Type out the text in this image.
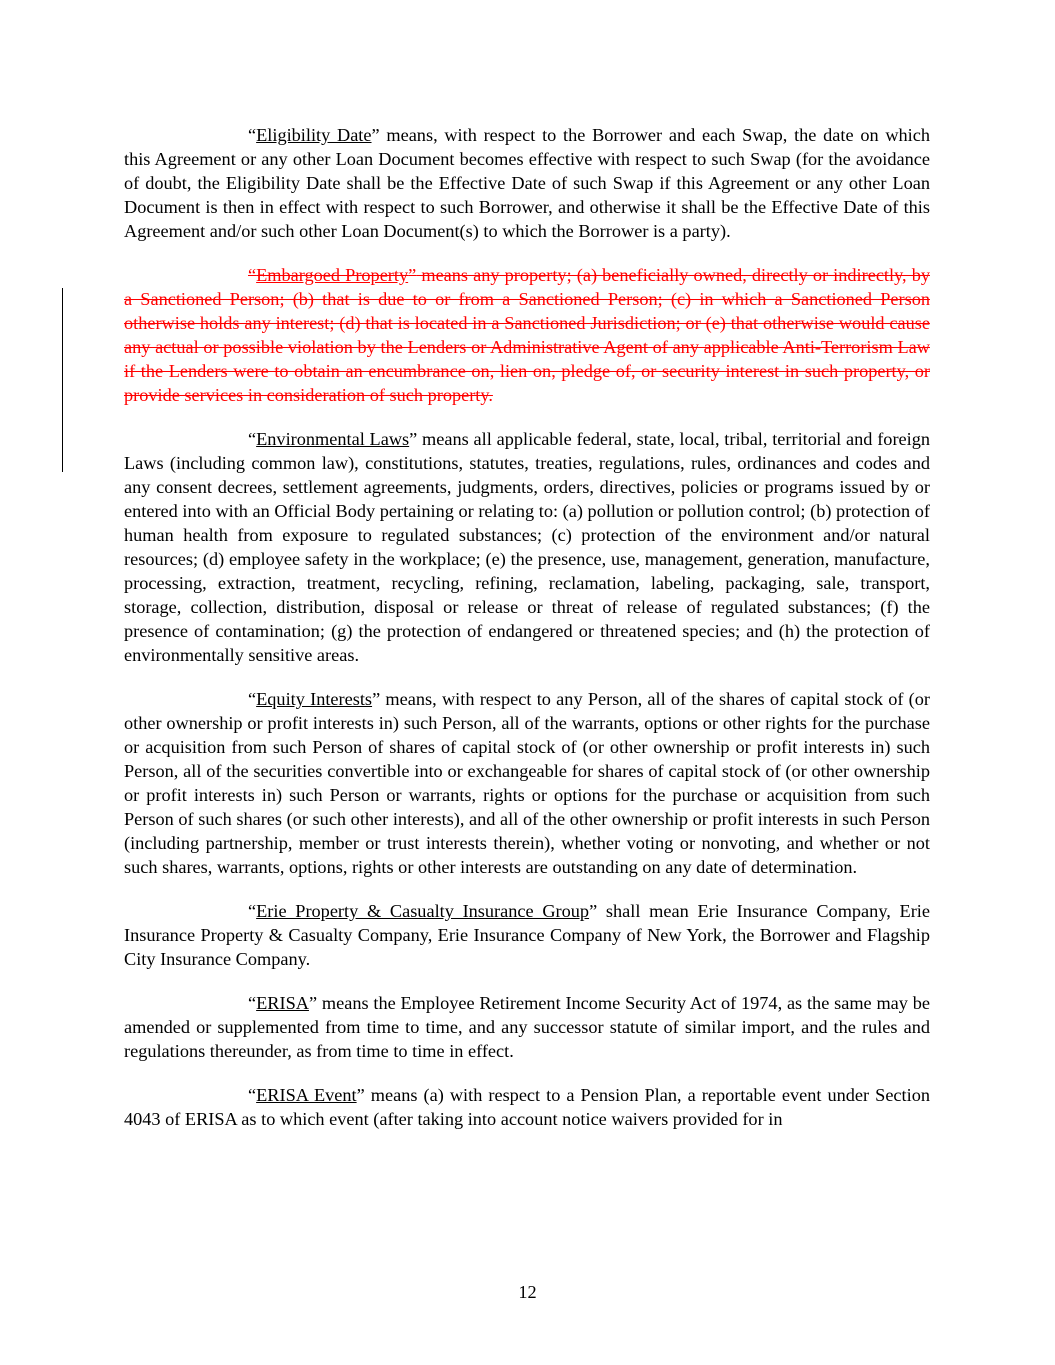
“Eligibility Date” means, with respect to the Borrower and each Swap, the date on which this Agreement or any other Loan Document becomes effective with respect to such Swap (for the avoidance of doubt, the Eligibility Date shall be the Effective Date of such Swap if this Agreement or any other Loan Document is then in effect with respect to such Borrower, and otherwise it shall be the Effective Date of this Agreement and/or such other Loan Document(s) to which the Borrower is a party).

“Embargoed Property” means any property; (a) beneficially owned, directly or indirectly, by a Sanctioned Person; (b) that is due to or from a Sanctioned Person; (c) in which a Sanctioned Person otherwise holds any interest; (d) that is located in a Sanctioned Jurisdiction; or (e) that otherwise would cause any actual or possible violation by the Lenders or Administrative Agent of any applicable Anti-Terrorism Law if the Lenders were to obtain an encumbrance on, lien on, pledge of, or security interest in such property, or provide services in consideration of such property.

“Environmental Laws” means all applicable federal, state, local, tribal, territorial and foreign Laws (including common law), constitutions, statutes, treaties, regulations, rules, ordinances and codes and any consent decrees, settlement agreements, judgments, orders, directives, policies or programs issued by or entered into with an Official Body pertaining or relating to: (a) pollution or pollution control; (b) protection of human health from exposure to regulated substances; (c) protection of the environment and/or natural resources; (d) employee safety in the workplace; (e) the presence, use, management, generation, manufacture, processing, extraction, treatment, recycling, refining, reclamation, labeling, packaging, sale, transport, storage, collection, distribution, disposal or release or threat of release of regulated substances; (f) the presence of contamination; (g) the protection of endangered or threatened species; and (h) the protection of environmentally sensitive areas.

“Equity Interests” means, with respect to any Person, all of the shares of capital stock of (or other ownership or profit interests in) such Person, all of the warrants, options or other rights for the purchase or acquisition from such Person of shares of capital stock of (or other ownership or profit interests in) such Person, all of the securities convertible into or exchangeable for shares of capital stock of (or other ownership or profit interests in) such Person or warrants, rights or options for the purchase or acquisition from such Person of such shares (or such other interests), and all of the other ownership or profit interests in such Person (including partnership, member or trust interests therein), whether voting or nonvoting, and whether or not such shares, warrants, options, rights or other interests are outstanding on any date of determination.

“Erie Property & Casualty Insurance Group” shall mean Erie Insurance Company, Erie Insurance Property & Casualty Company, Erie Insurance Company of New York, the Borrower and Flagship City Insurance Company.

“ERISA” means the Employee Retirement Income Security Act of 1974, as the same may be amended or supplemented from time to time, and any successor statute of similar import, and the rules and regulations thereunder, as from time to time in effect.

“ERISA Event” means (a) with respect to a Pension Plan, a reportable event under Section 4043 of ERISA as to which event (after taking into account notice waivers provided for in

12
